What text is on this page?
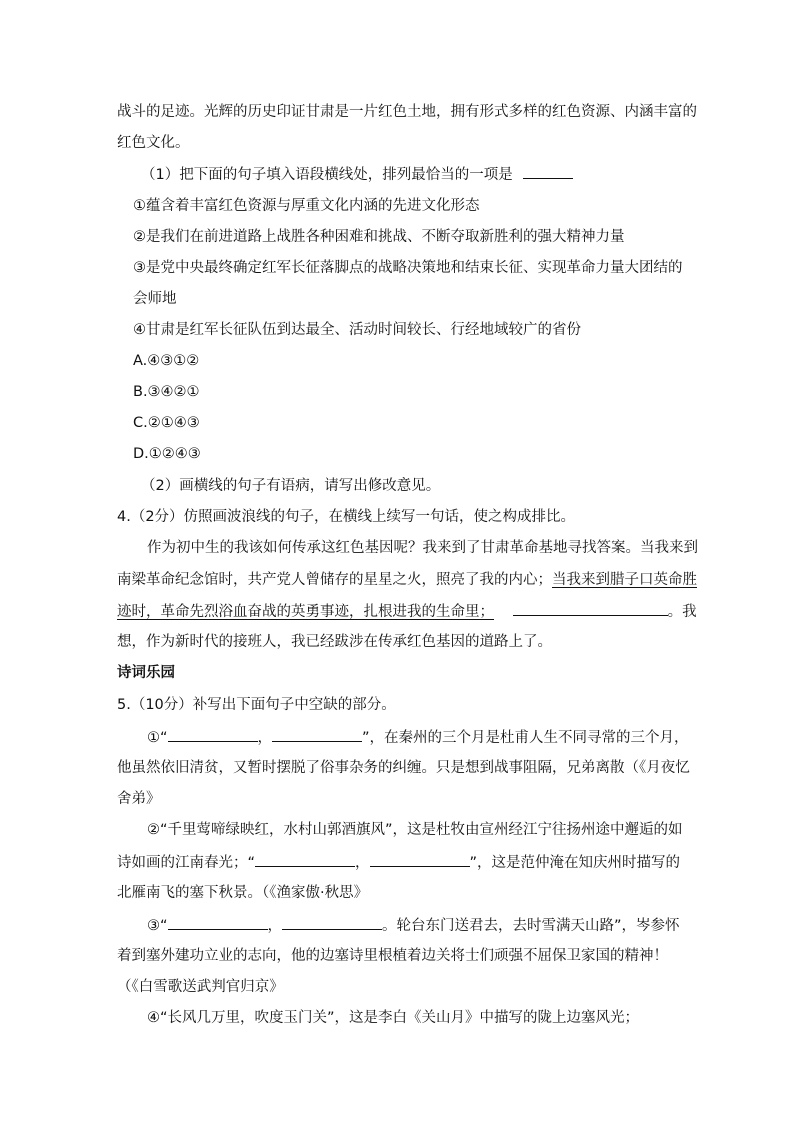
战斗的足迹。光辉的历史印证甘肃是一片红色土地，拥有形式多样的红色资源、内涵丰富的
红色文化。
（1）把下面的句子填入语段横线处，排列最恰当的一项是
①蕴含着丰富红色资源与厚重文化内涵的先进文化形态
②是我们在前进道路上战胜各种困难和挑战、不断夺取新胜利的强大精神力量
③是党中央最终确定红军长征落脚点的战略决策地和结束长征、实现革命力量大团结的
会师地
④甘肃是红军长征队伍到达最全、活动时间较长、行经地域较广的省份
A.④③①②
B.③④②①
C.②①④③
D.①②④③
（2）画横线的句子有语病，请写出修改意见。
4.（2分）仿照画波浪线的句子，在横线上续写一句话，使之构成排比。
作为初中生的我该如何传承这红色基因呢？我来到了甘肃革命基地寻找答案。当我来到
南梁革命纪念馆时，共产党人曾储存的星星之火，照亮了我的内心；当我来到腊子口英命胜
迹时，革命先烈浴血奋战的英勇事迹，扎根进我的生命里；	。我
想，作为新时代的接班人，我已经跋涉在传承红色基因的道路上了。
诗词乐园
5.（10分）补写出下面句子中空缺的部分。
①“	，	”，在秦州的三个月是杜甫人生不同寻常的三个月，
他虽然依旧清贫，又暂时摆脱了俗事杂务的纠缠。只是想到战事阻隔，兄弟离散（《月夜忆
舍弟》
②“千里莺啼绿映红，水村山郭酒旗风”，这是杜牧由宣州经江宁往扬州途中邂逅的如
诗如画的江南春光；“	，	”，这是范仲淹在知庆州时描写的
北雁南飞的塞下秋景。（《渔家傲·秋思》
③“	，	。轮台东门送君去，去时雪满天山路”，岑参怀
着到塞外建功立业的志向，他的边塞诗里根植着边关将士们顽强不屈保卫家国的精神！
（《白雪歌送武判官归京》
④“长风几万里，吹度玉门关”，这是李白《关山月》中描写的陇上边塞风光；
